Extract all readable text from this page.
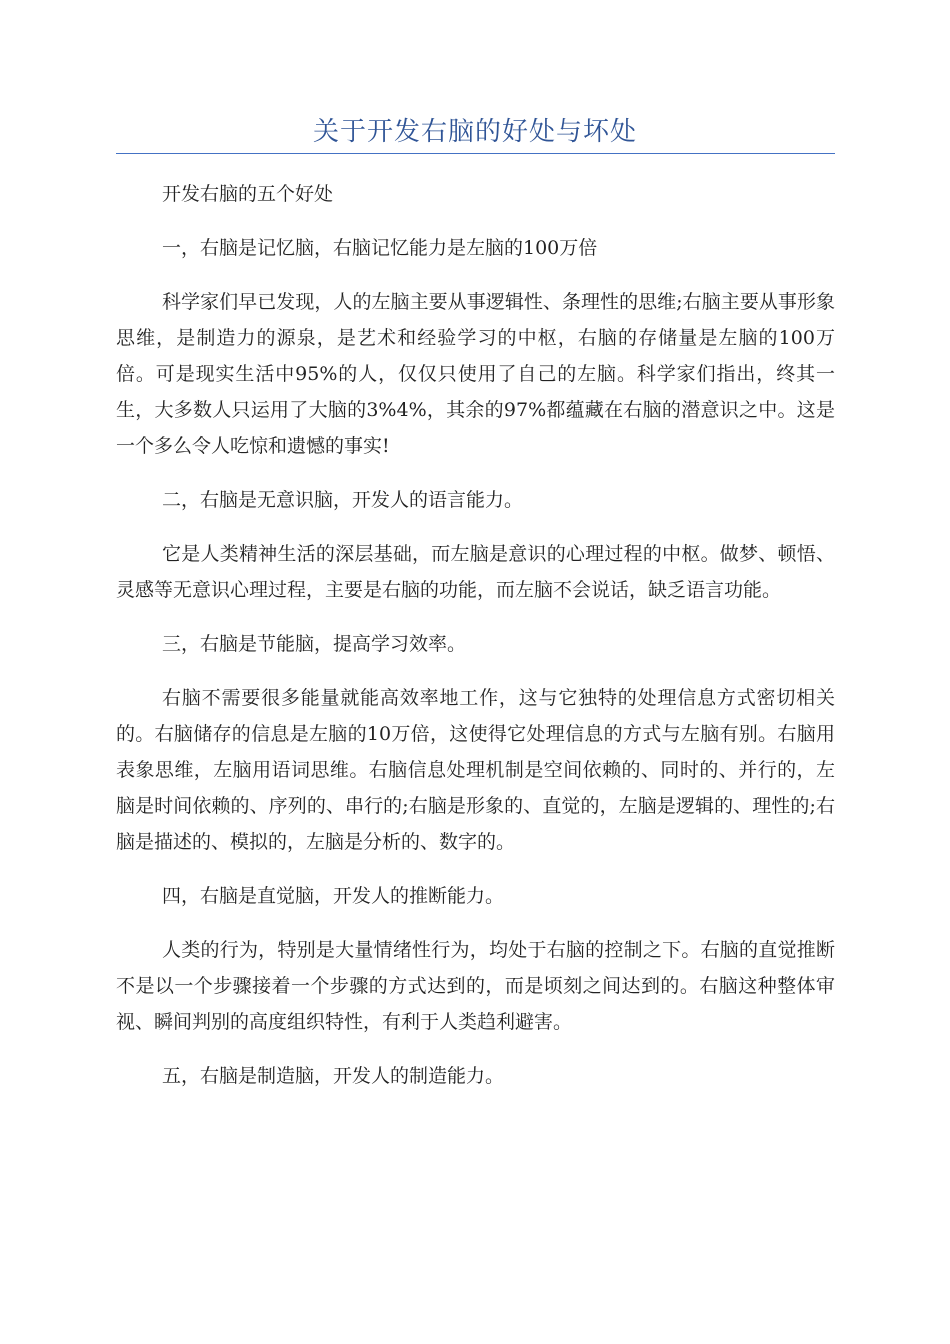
关于开发右脑的好处与坏处

开发右脑的五个好处

一，右脑是记忆脑，右脑记忆能力是左脑的100万倍

科学家们早已发现，人的左脑主要从事逻辑性、条理性的思维;右脑主要从事形象思维，是制造力的源泉，是艺术和经验学习的中枢，右脑的存储量是左脑的100万倍。可是现实生活中95%的人，仅仅只使用了自己的左脑。科学家们指出，终其一生，大多数人只运用了大脑的3%4%，其余的97%都蕴藏在右脑的潜意识之中。这是一个多么令人吃惊和遗憾的事实!

二，右脑是无意识脑，开发人的语言能力。

它是人类精神生活的深层基础，而左脑是意识的心理过程的中枢。做梦、顿悟、灵感等无意识心理过程，主要是右脑的功能，而左脑不会说话，缺乏语言功能。

三，右脑是节能脑，提高学习效率。

右脑不需要很多能量就能高效率地工作，这与它独特的处理信息方式密切相关的。右脑储存的信息是左脑的10万倍，这使得它处理信息的方式与左脑有别。右脑用表象思维，左脑用语词思维。右脑信息处理机制是空间依赖的、同时的、并行的，左脑是时间依赖的、序列的、串行的;右脑是形象的、直觉的，左脑是逻辑的、理性的;右脑是描述的、模拟的，左脑是分析的、数字的。

四，右脑是直觉脑，开发人的推断能力。

人类的行为，特别是大量情绪性行为，均处于右脑的控制之下。右脑的直觉推断不是以一个步骤接着一个步骤的方式达到的，而是顷刻之间达到的。右脑这种整体审视、瞬间判别的高度组织特性，有利于人类趋利避害。

五，右脑是制造脑，开发人的制造能力。
